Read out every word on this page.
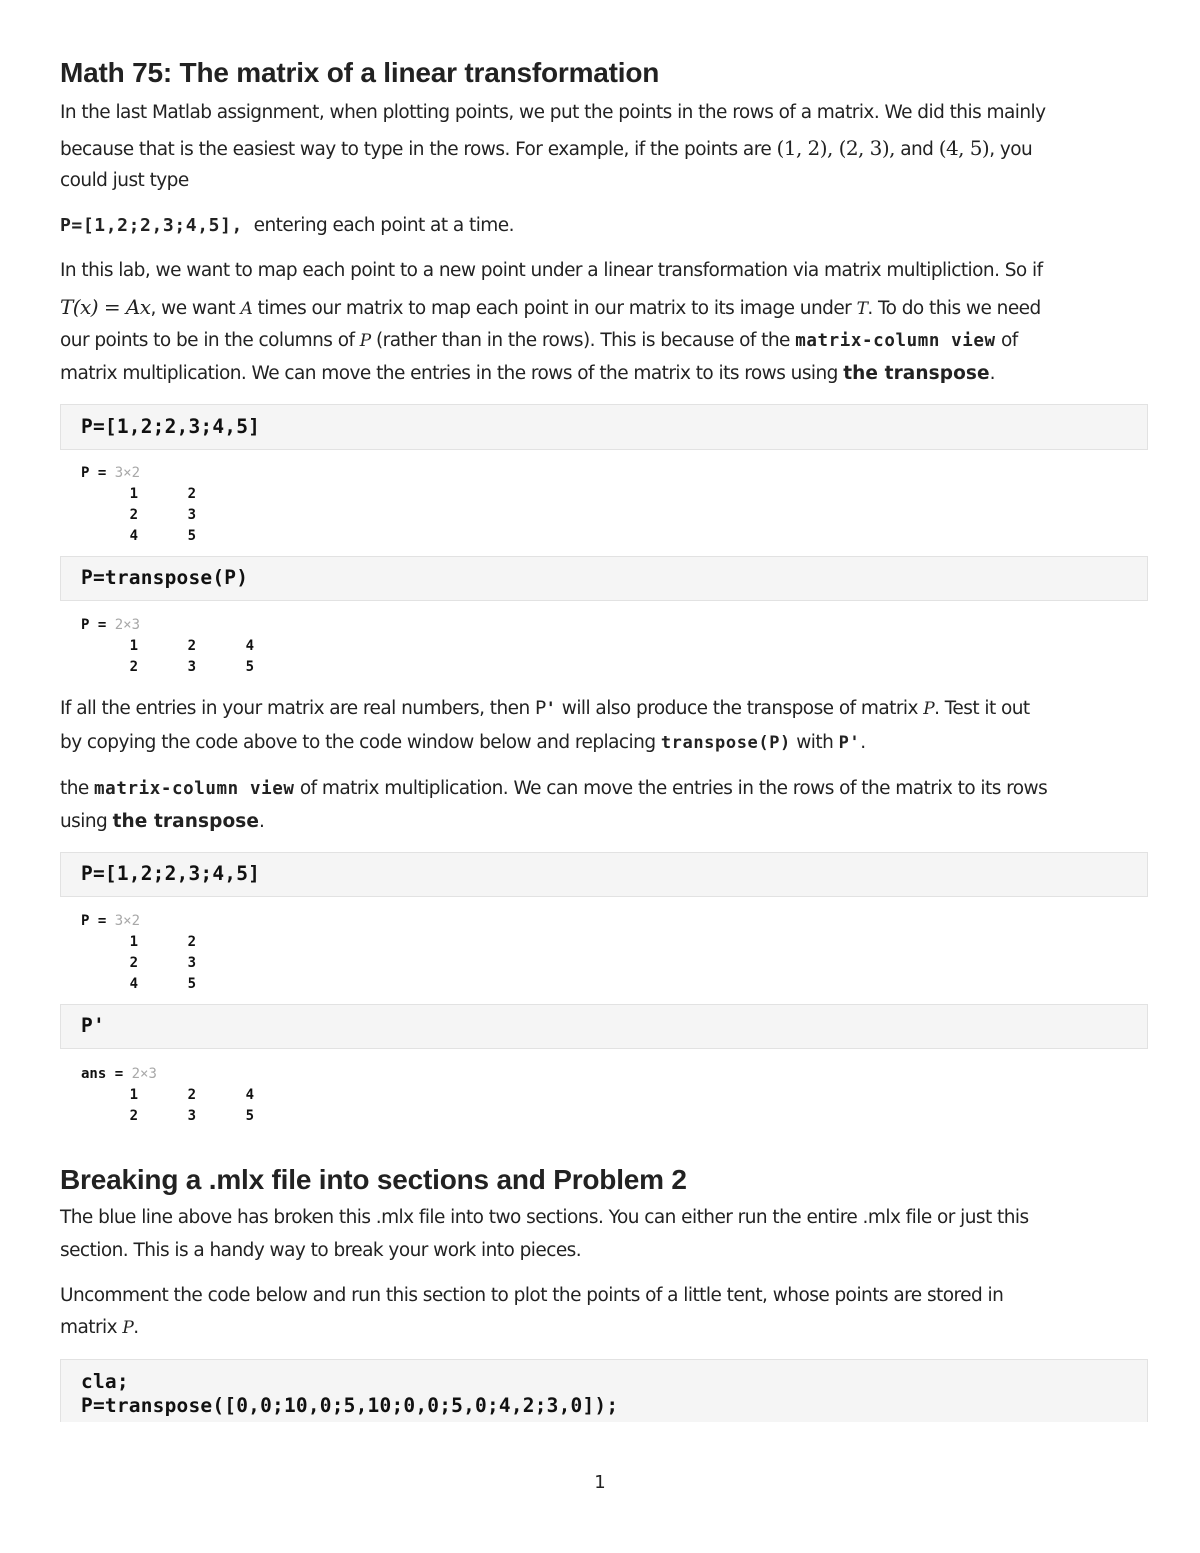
Math 75: The matrix of a linear transformation

In the last Matlab assignment, when plotting points, we put the points in the rows of a matrix. We did this mainly

because that is the easiest way to type in the rows. For example, if the points are (1, 2), (2, 3), and (4, 5), you

could just type

P=[1,2;2,3;4,5],  entering each point at a time.

In this lab, we want to map each point to a new point under a linear transformation via matrix multipliction. So if

T(x) = Ax, we want A times our matrix to map each point in our matrix to its image under T. To do this we need

our points to be in the columns of P (rather than in the rows). This is because of the matrix-column view of

matrix multiplication. We can move the entries in the rows of the matrix to its rows using the transpose.

P=[1,2;2,3;4,5]
P = 3×2
1	2
2	3
4	5
P=transpose(P)
P = 2×3
1	2	4
2	3	5

If all the entries in your matrix are real numbers, then P' will also produce the transpose of matrix P. Test it out

by copying the code above to the code window below and replacing transpose(P) with P'.

the matrix-column view of matrix multiplication. We can move the entries in the rows of the matrix to its rows

using the transpose.

P=[1,2;2,3;4,5]
P = 3×2
1	2
2	3
4	5
P'
ans = 2×3
1	2	4
2	3	5
Breaking a .mlx file into sections and Problem 2

The blue line above has broken this .mlx file into two sections. You can either run the entire .mlx file or just this

section. This is a handy way to break your work into pieces.

Uncomment the code below and run this section to plot the points of a little tent, whose points are stored in

matrix P.

cla;
P=transpose([0,0;10,0;5,10;0,0;5,0;4,2;3,0]);
1
